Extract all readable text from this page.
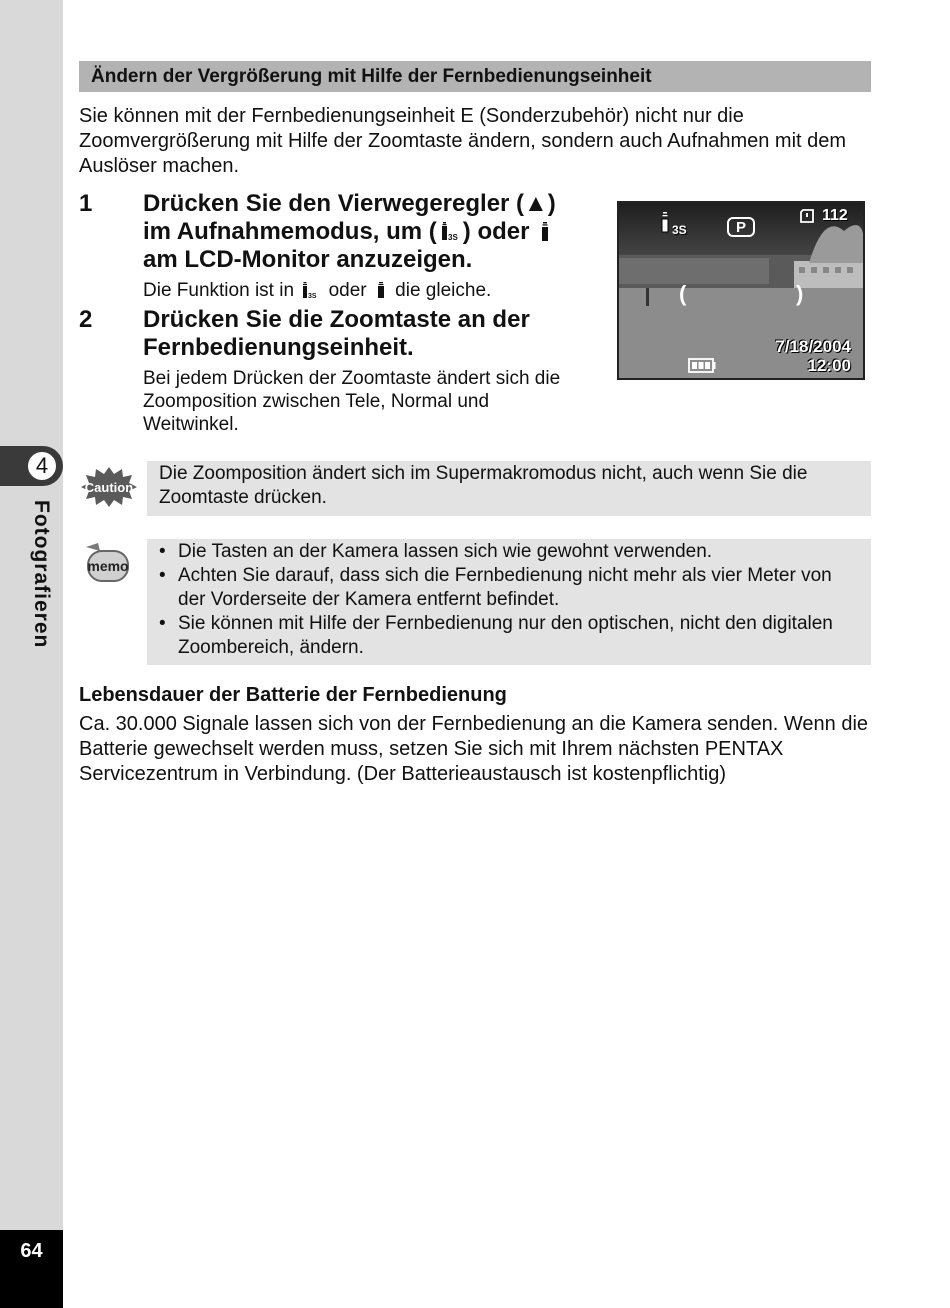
4
Fotografieren
64
Ändern der Vergrößerung mit Hilfe der Fernbedienungseinheit
Sie können mit der Fernbedienungseinheit E (Sonderzubehör) nicht nur die Zoomvergrößerung mit Hilfe der Zoomtaste ändern, sondern auch Aufnahmen mit dem Auslöser machen.
1 Drücken Sie den Vierwegeregler (▲)
im Aufnahmemodus, um ( 3S ) oder
am LCD-Monitor anzuzeigen.
Die Funktion ist in 3S oder die gleiche.
2 Drücken Sie die Zoomtaste an der Fernbedienungseinheit.
Bei jedem Drücken der Zoomtaste ändert sich die Zoomposition zwischen Tele, Normal und Weitwinkel.
3S	P
112
(	)
7/18/2004
12:00
Caution
Die Zoomposition ändert sich im Supermakromodus nicht, auch wenn Sie die Zoomtaste drücken.
memo
• Die Tasten an der Kamera lassen sich wie gewohnt verwenden.
• Achten Sie darauf, dass sich die Fernbedienung nicht mehr als vier Meter von der Vorderseite der Kamera entfernt befindet.
• Sie können mit Hilfe der Fernbedienung nur den optischen, nicht den digitalen Zoombereich, ändern.
Lebensdauer der Batterie der Fernbedienung
Ca. 30.000 Signale lassen sich von der Fernbedienung an die Kamera senden. Wenn die Batterie gewechselt werden muss, setzen Sie sich mit Ihrem nächsten PENTAX Servicezentrum in Verbindung. (Der Batterieaustausch ist kostenpflichtig)
